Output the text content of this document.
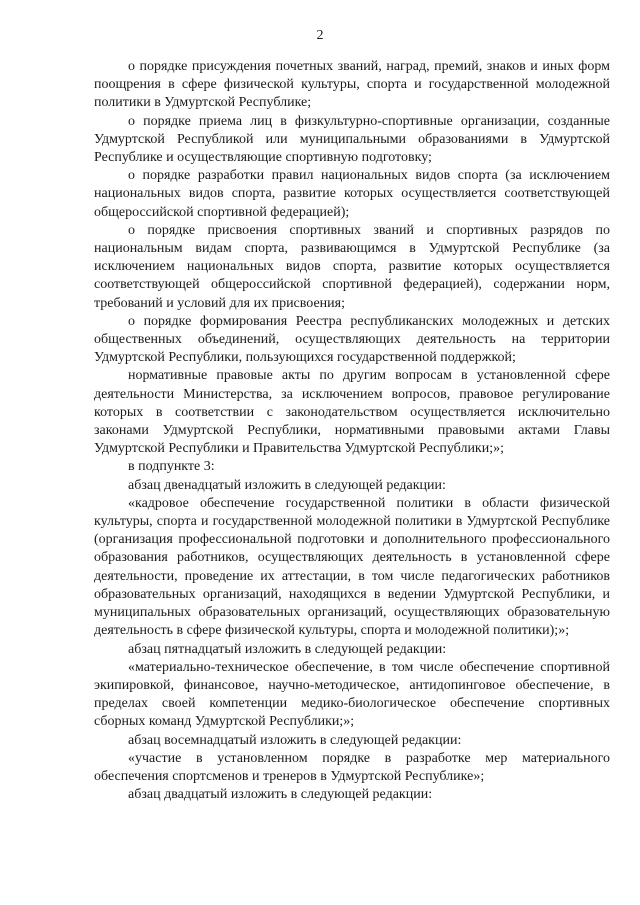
2

о порядке присуждения почетных званий, наград, премий, знаков и иных форм поощрения в сфере физической культуры, спорта и государственной молодежной политики в Удмуртской Республике;

о порядке приема лиц в физкультурно-спортивные организации, созданные Удмуртской Республикой или муниципальными образованиями в Удмуртской Республике и осуществляющие спортивную подготовку;

о порядке разработки правил национальных видов спорта (за исключением национальных видов спорта, развитие которых осуществляется соответствующей общероссийской спортивной федерацией);

о порядке присвоения спортивных званий и спортивных разрядов по национальным видам спорта, развивающимся в Удмуртской Республике (за исключением национальных видов спорта, развитие которых осуществляется соответствующей общероссийской спортивной федерацией), содержании норм, требований и условий для их присвоения;

о порядке формирования Реестра республиканских молодежных и детских общественных объединений, осуществляющих деятельность на территории Удмуртской Республики, пользующихся государственной поддержкой;

нормативные правовые акты по другим вопросам в установленной сфере деятельности Министерства, за исключением вопросов, правовое регулирование которых в соответствии с законодательством осуществляется исключительно законами Удмуртской Республики, нормативными правовыми актами Главы Удмуртской Республики и Правительства Удмуртской Республики;»;

в подпункте 3:

абзац двенадцатый изложить в следующей редакции:

«кадровое обеспечение государственной политики в области физической культуры, спорта и государственной молодежной политики в Удмуртской Республике (организация профессиональной подготовки и дополнительного профессионального образования работников, осуществляющих деятельность в установленной сфере деятельности, проведение их аттестации, в том числе педагогических работников образовательных организаций, находящихся в ведении Удмуртской Республики, и муниципальных образовательных организаций, осуществляющих образовательную деятельность в сфере физической культуры, спорта и молодежной политики);»;

абзац пятнадцатый изложить в следующей редакции:

«материально-техническое обеспечение, в том числе обеспечение спортивной экипировкой, финансовое, научно-методическое, антидопинговое обеспечение, в пределах своей компетенции медико-биологическое обеспечение спортивных сборных команд Удмуртской Республики;»;

абзац восемнадцатый изложить в следующей редакции:

«участие в установленном порядке в разработке мер материального обеспечения спортсменов и тренеров в Удмуртской Республике»;

абзац двадцатый изложить в следующей редакции:
